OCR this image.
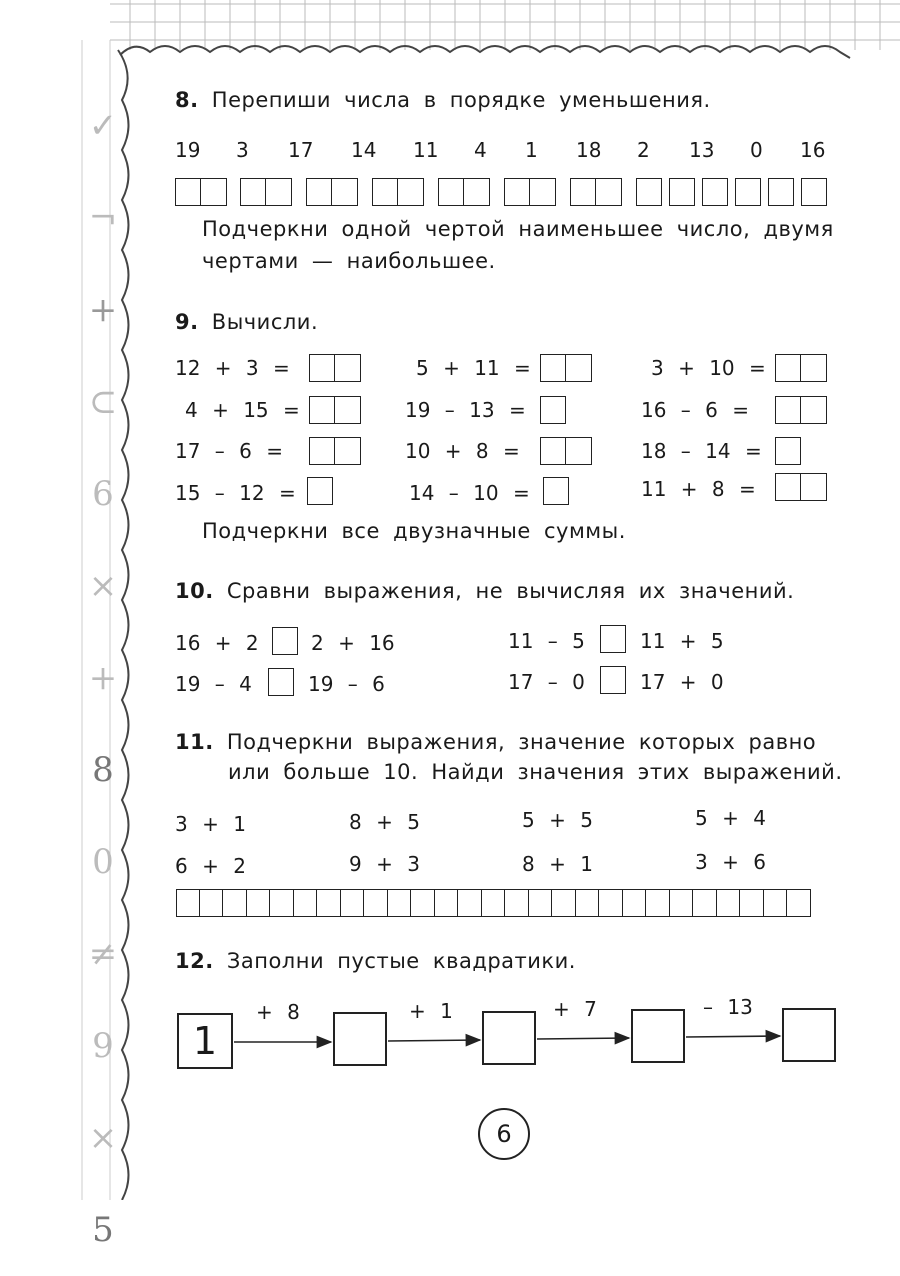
✓
¬
+
⊂
6
×
+
8
0
≠
9
×
5
8. Перепиши числа в порядке уменьшения.
19 3 17 14 11 4 1 18 2 13 0 16
Подчеркни одной чертой наименьшее число, двумя
чертами — наибольшее.
9. Вычисли.
12 + 3 =	5 + 11 =	3 + 10 =
4 + 15 =	19 – 13 =	16 – 6 =
17 – 6 =	10 + 8 =	18 – 14 =
15 – 12 =	14 – 10 =	11 + 8 =
Подчеркни все двузначные суммы.
10. Сравни выражения, не вычисляя их значений.
16 + 2	2 + 16	11 – 5	11 + 5
19 – 4	19 – 6	17 – 0	17 + 0
11. Подчеркни выражения, значение которых равно
или больше 10. Найди значения этих выражений.
3 + 1	8 + 5	5 + 5	5 + 4
6 + 2	9 + 3	8 + 1	3 + 6
12. Заполни пустые квадратики.
1
+ 8	+ 1	+ 7	– 13
6
